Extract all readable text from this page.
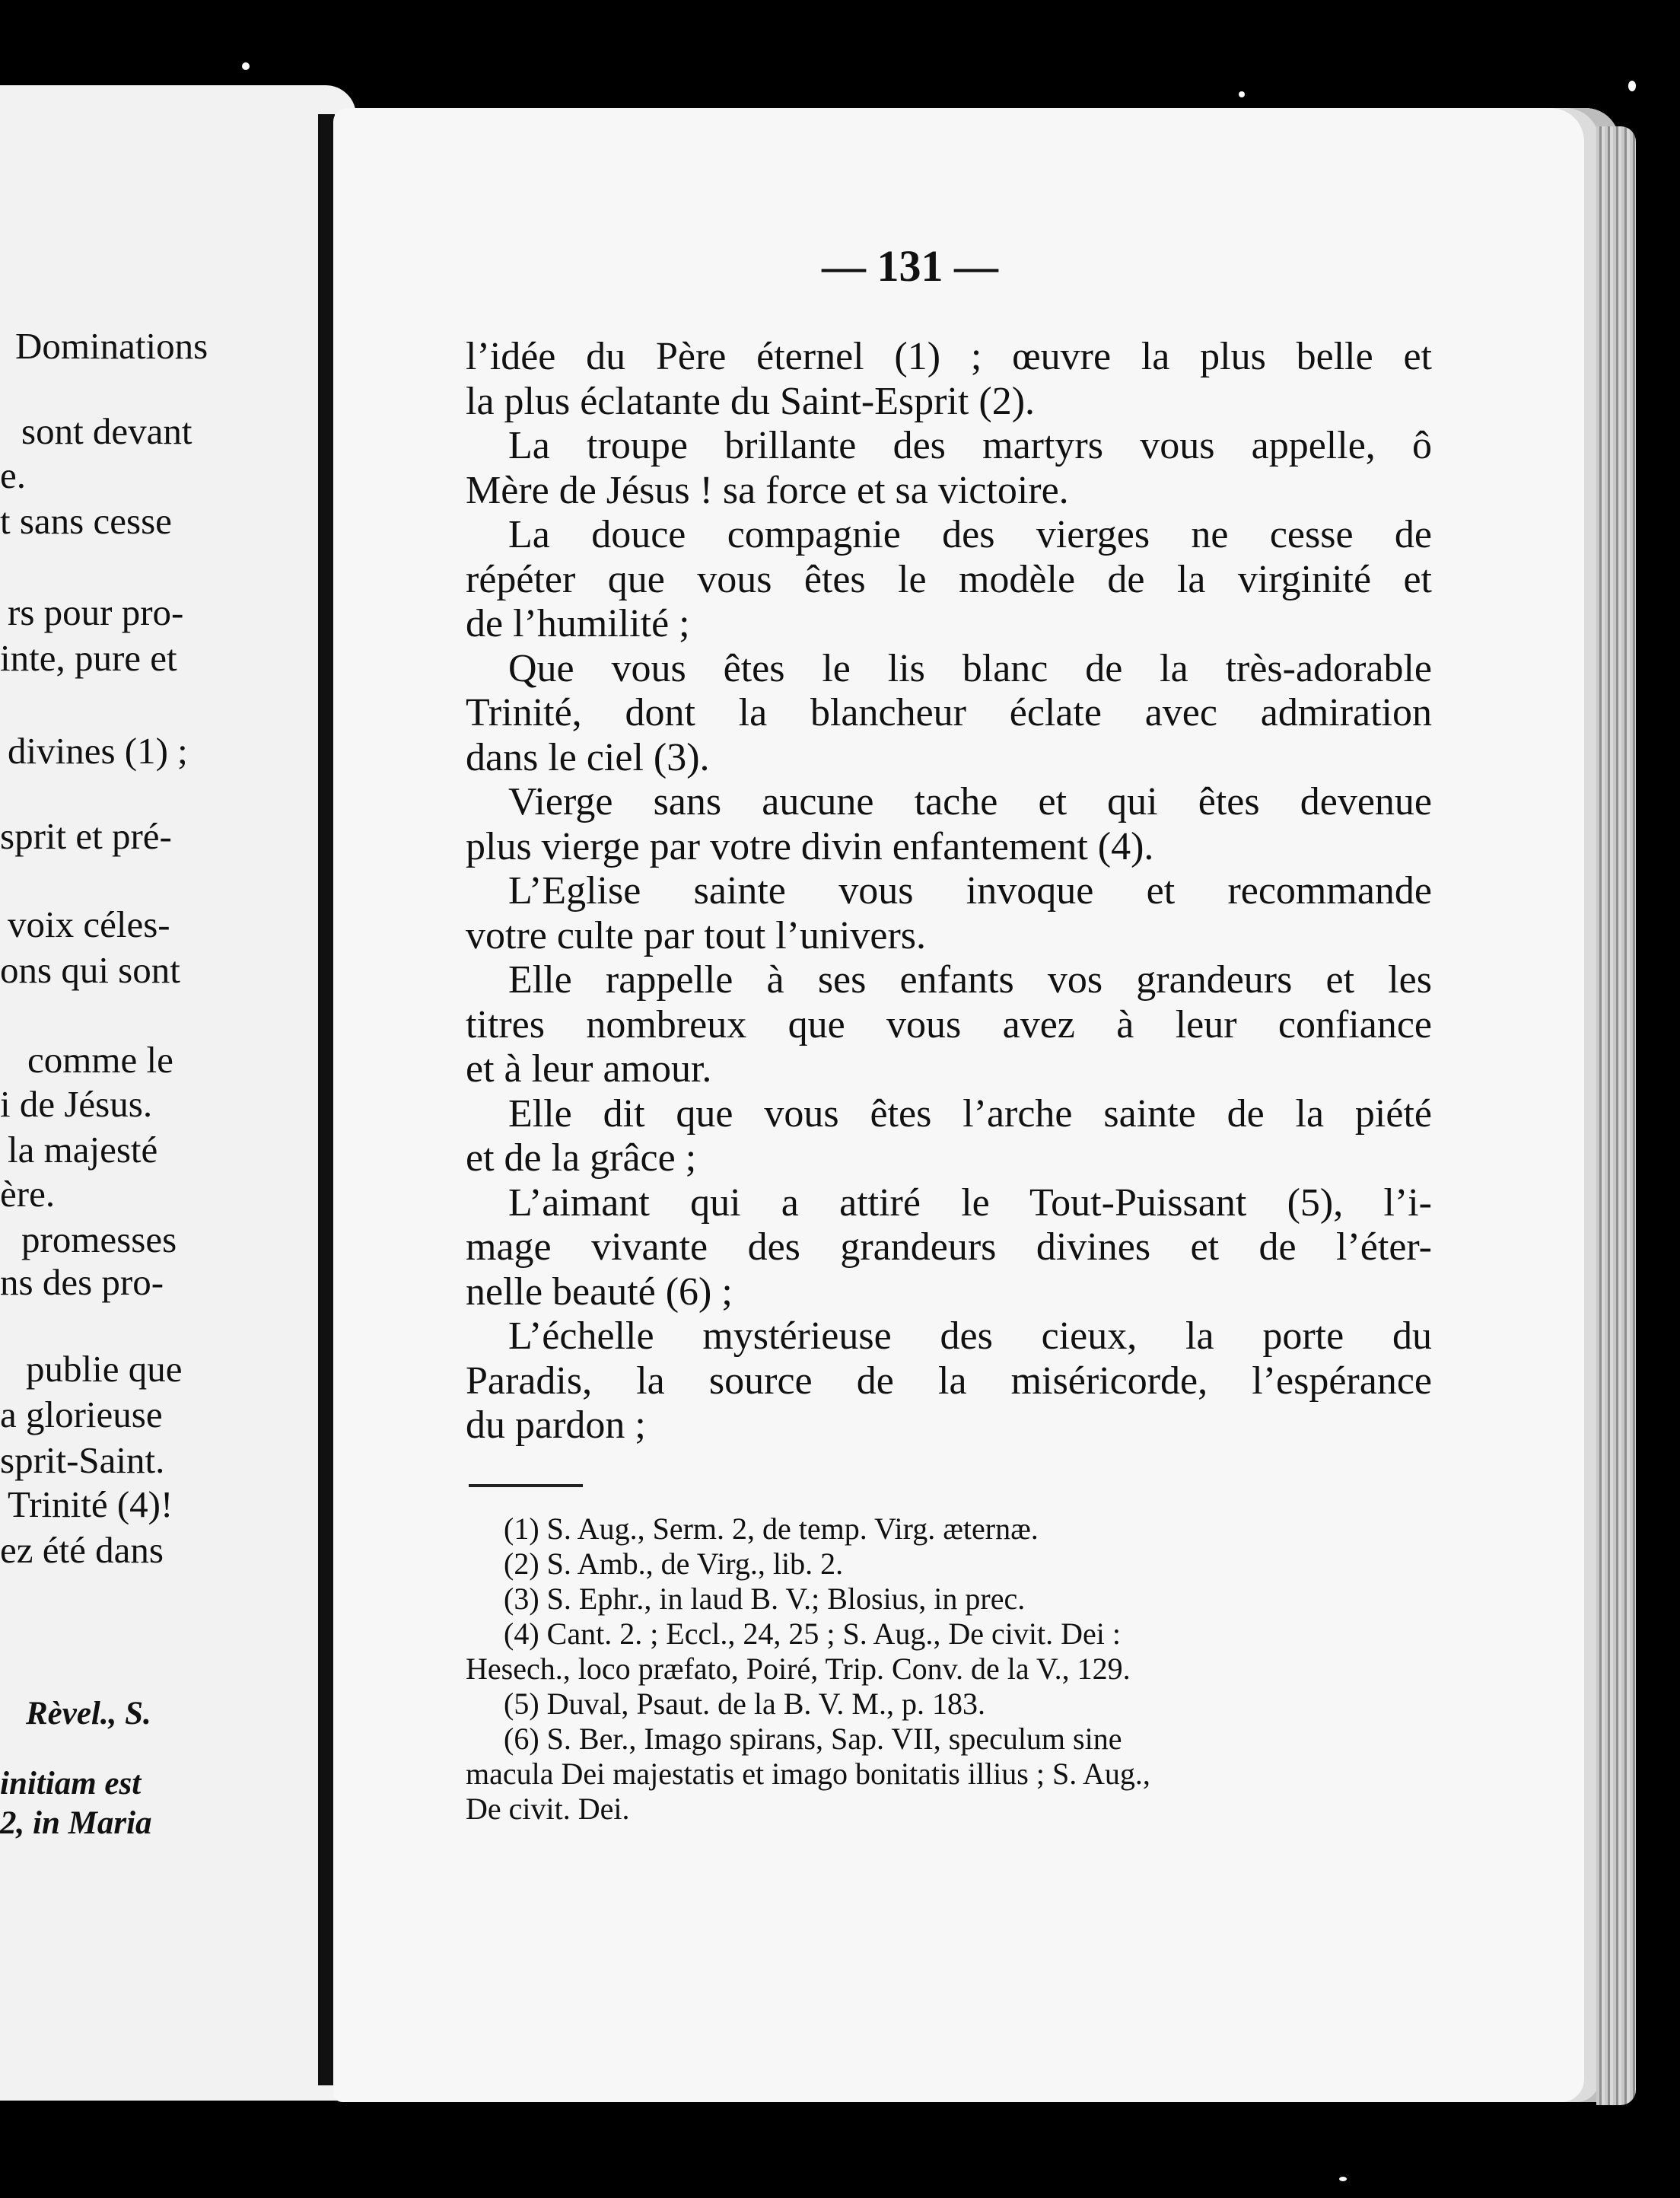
Dominations
sont devant
e.
t sans cesse
rs pour pro-
inte, pure et
divines (1) ;
sprit et pré-
voix céles-
ons qui sont
comme le
i de Jésus.
la majesté
ère.
promesses
ns des pro-
publie que
a glorieuse
sprit-Saint.
Trinité (4)!
ez été dans
Rèvel., S.
initiam est
2, in Maria
— 131 —
l’idée du Père éternel (1) ; œuvre la plus belle et
la plus éclatante du Saint-Esprit (2).
La troupe brillante des martyrs vous appelle, ô
Mère de Jésus ! sa force et sa victoire.
La douce compagnie des vierges ne cesse de
répéter que vous êtes le modèle de la virginité et
de l’humilité ;
Que vous êtes le lis blanc de la très-adorable
Trinité, dont la blancheur éclate avec admiration
dans le ciel (3).
Vierge sans aucune tache et qui êtes devenue
plus vierge par votre divin enfantement (4).
L’Eglise sainte vous invoque et recommande
votre culte par tout l’univers.
Elle rappelle à ses enfants vos grandeurs et les
titres nombreux que vous avez à leur confiance
et à leur amour.
Elle dit que vous êtes l’arche sainte de la piété
et de la grâce ;
L’aimant qui a attiré le Tout-Puissant (5), l’i-
mage vivante des grandeurs divines et de l’éter-
nelle beauté (6) ;
L’échelle mystérieuse des cieux, la porte du
Paradis, la source de la miséricorde, l’espérance
du pardon ;
(1) S. Aug., Serm. 2, de temp. Virg. æternæ.
(2) S. Amb., de Virg., lib. 2.
(3) S. Ephr., in laud B. V.; Blosius, in prec.
(4) Cant. 2. ; Eccl., 24, 25 ; S. Aug., De civit. Dei :
Hesech., loco præfato, Poiré, Trip. Conv. de la V., 129.
(5) Duval, Psaut. de la B. V. M., p. 183.
(6) S. Ber., Imago spirans, Sap. VII, speculum sine
macula Dei majestatis et imago bonitatis illius ; S. Aug.,
De civit. Dei.
